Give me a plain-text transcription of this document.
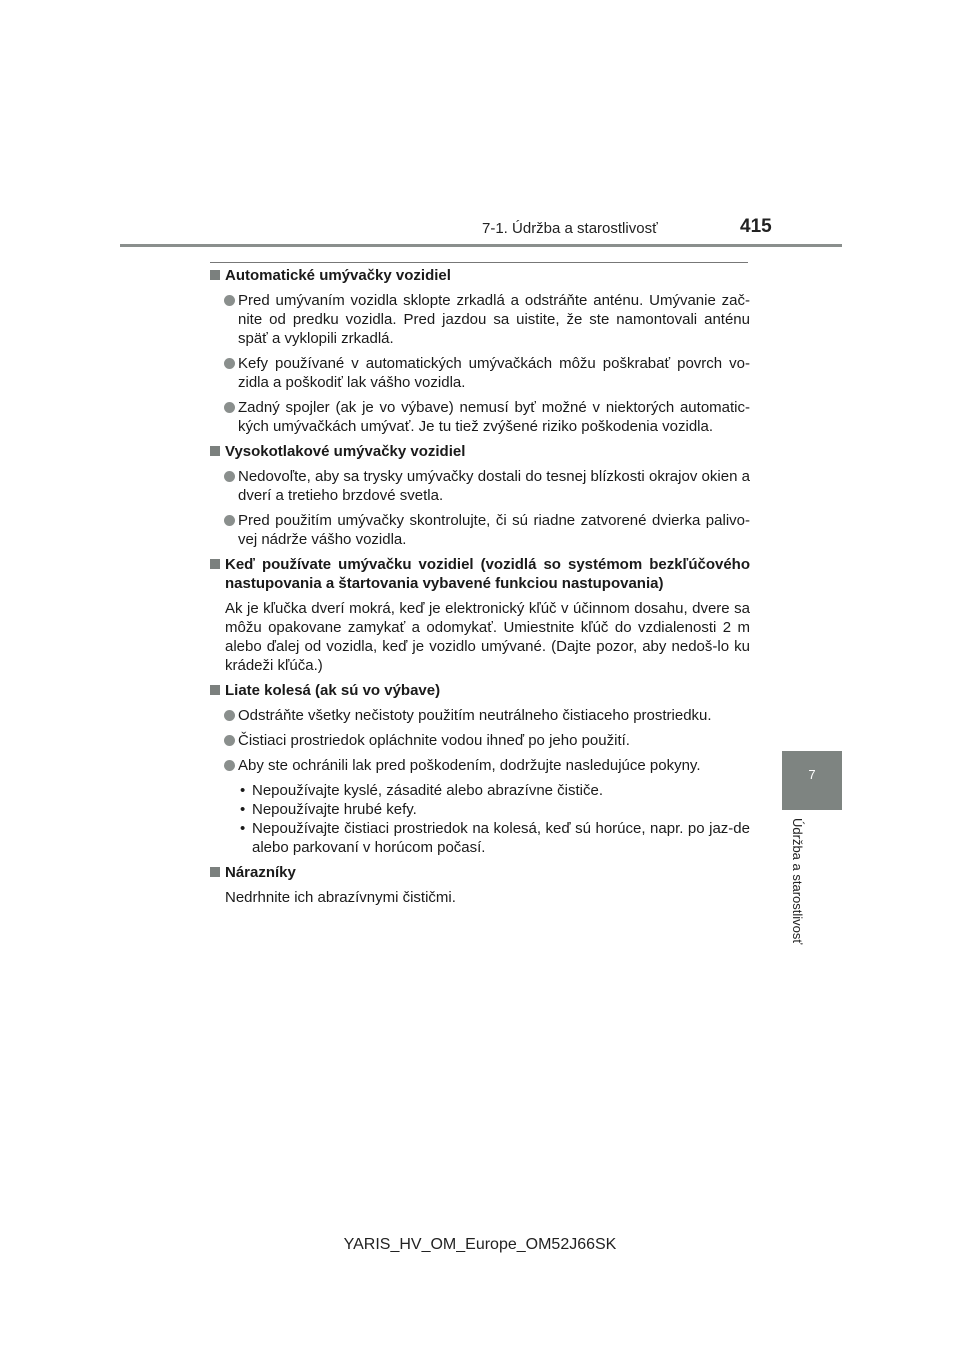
7-1. Údržba a starostlivosť	415
7
Údržba a starostlivosť
Automatické umývačky vozidiel
Pred umývaním vozidla sklopte zrkadlá a odstráňte anténu. Umývanie zač-nite od predku vozidla. Pred jazdou sa uistite, že ste namontovali anténu späť a vyklopili zrkadlá.
Kefy používané v automatických umývačkách môžu poškrabať povrch vo-zidla a poškodiť lak vášho vozidla.
Zadný spojler (ak je vo výbave) nemusí byť možné v niektorých automatic-kých umývačkách umývať. Je tu tiež zvýšené riziko poškodenia vozidla.
Vysokotlakové umývačky vozidiel
Nedovoľte, aby sa trysky umývačky dostali do tesnej blízkosti okrajov okien a dverí a tretieho brzdové svetla.
Pred použitím umývačky skontrolujte, či sú riadne zatvorené dvierka palivo-vej nádrže vášho vozidla.
Keď používate umývačku vozidiel (vozidlá so systémom bezkľúčového nastupovania a štartovania vybavené funkciou nastupovania)
Ak je kľučka dverí mokrá, keď je elektronický kľúč v účinnom dosahu, dvere sa môžu opakovane zamykať a odomykať. Umiestnite kľúč do vzdialenosti 2 m alebo ďalej od vozidla, keď je vozidlo umývané. (Dajte pozor, aby nedoš-lo ku krádeži kľúča.)
Liate kolesá (ak sú vo výbave)
Odstráňte všetky nečistoty použitím neutrálneho čistiaceho prostriedku.
Čistiaci prostriedok opláchnite vodou ihneď po jeho použití.
Aby ste ochránili lak pred poškodením, dodržujte nasledujúce pokyny.
• Nepoužívajte kyslé, zásadité alebo abrazívne čističe.
• Nepoužívajte hrubé kefy.
• Nepoužívajte čistiaci prostriedok na kolesá, keď sú horúce, napr. po jaz-de alebo parkovaní v horúcom počasí.
Nárazníky
Nedrhnite ich abrazívnymi čističmi.
YARIS_HV_OM_Europe_OM52J66SK
